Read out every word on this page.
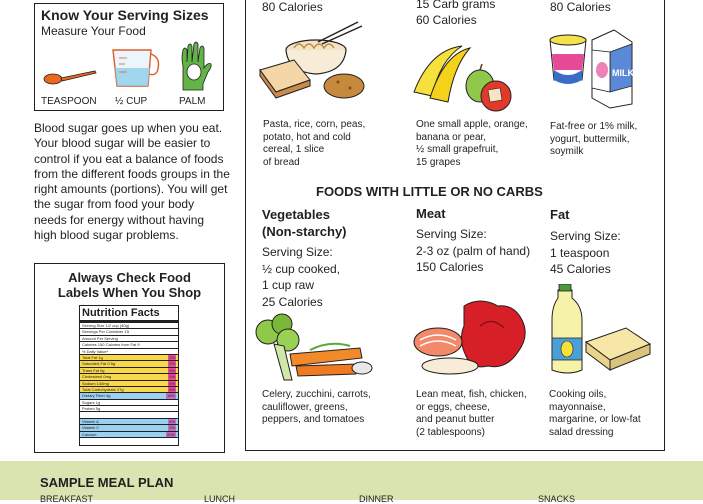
Know Your Serving Sizes
Measure Your Food
TEASPOON ½ CUP	PALM
Blood sugar goes up when you eat. Your blood sugar will be easier to control if you eat a balance of foods from the different foods groups in the right amounts (portions). You will get the sugar from food your body needs for energy without having high blood sugar problems.
Always Check Food
Labels When You Shop
Nutrition Facts
Serving Size 1/2 cup (40g)
Servings Per Container 15
Amount Per Serving
Calories 150 Calories from Fat 9
% Daily Value*
Total Fat 1g	2%
Saturated Fat 0.5g	2%
Trans Fat 0g	0%
Cholesterol 0mg	0%
Sodium 140mg	6%
Total Carbohydrate 27g	9%
Dietary Fiber 4g	15%
Sugars 1g
Protein 5g
Vitamin A	4%
Vitamin C	2%
Calcium	20%
80 Calories	15 Carb grams
60 Calories
80 Calories
MILK
Pasta, rice, corn, peas,
potato, hot and cold
cereal, 1 slice
of bread
One small apple, orange,
banana or pear,
½ small grapefruit,
15 grapes
Fat-free or 1% milk,
yogurt, buttermilk,
soymilk
FOODS WITH LITTLE OR NO CARBS
Vegetables
(Non-starchy)
Meat	Fat
Serving Size:
½ cup cooked,
1 cup raw
25 Calories
Serving Size:
2-3 oz (palm of hand)
150 Calories
Serving Size:
1 teaspoon
45 Calories
Celery, zucchini, carrots,
cauliflower, greens,
peppers, and tomatoes
Lean meat, fish, chicken,
or eggs, cheese,
and peanut butter
(2 tablespoons)
Cooking oils,
mayonnaise,
margarine, or low-fat
salad dressing
SAMPLE MEAL PLAN
BREAKFAST	LUNCH	DINNER	SNACKS
